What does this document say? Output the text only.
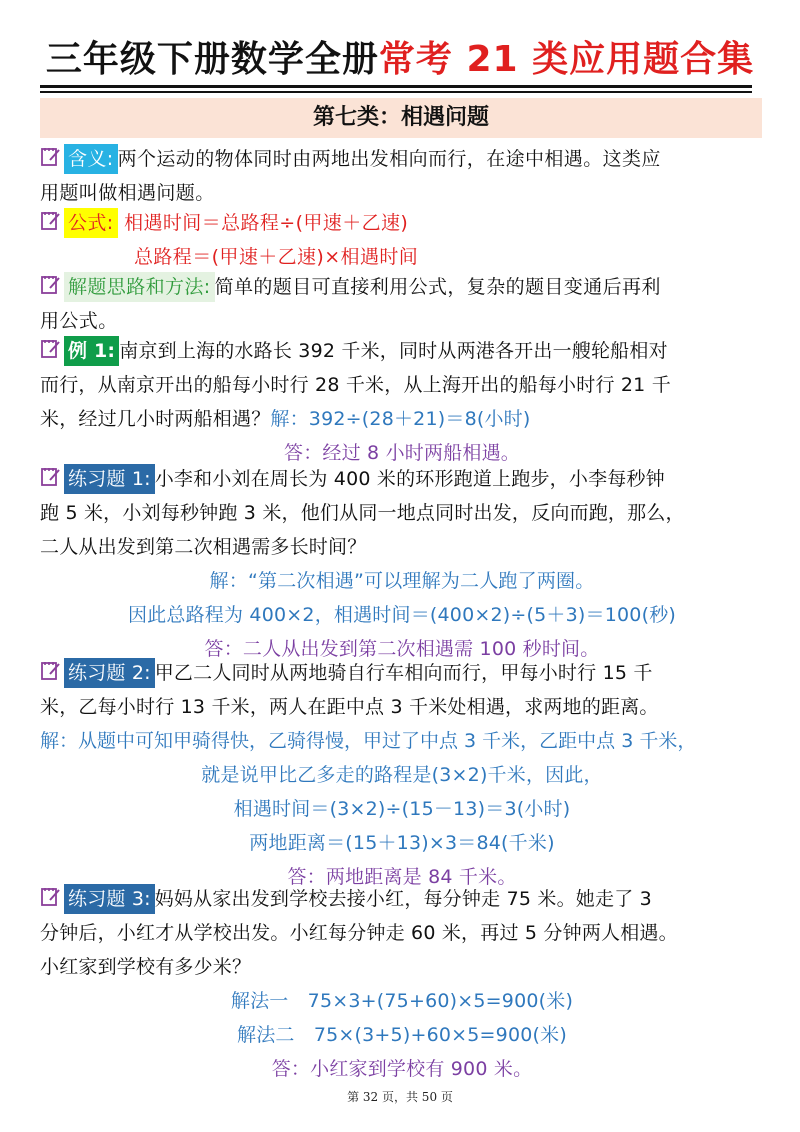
三年级下册数学全册常考 21 类应用题合集
第七类：相遇问题
含义: 两个运动的物体同时由两地出发相向而行，在途中相遇。这类应
用题叫做相遇问题。
公式: 相遇时间＝总路程÷(甲速＋乙速)
总路程＝(甲速＋乙速)×相遇时间
解题思路和方法: 简单的题目可直接利用公式，复杂的题目变通后再利
用公式。
例 1: 南京到上海的水路长 392 千米，同时从两港各开出一艘轮船相对
而行，从南京开出的船每小时行 28 千米，从上海开出的船每小时行 21 千
米，经过几小时两船相遇？解：392÷(28＋21)＝8(小时)

答：经过 8 小时两船相遇。
练习题 1: 小李和小刘在周长为 400 米的环形跑道上跑步，小李每秒钟
跑 5 米，小刘每秒钟跑 3 米，他们从同一地点同时出发，反向而跑，那么，
二人从出发到第二次相遇需多长时间？
解：“第二次相遇”可以理解为二人跑了两圈。
因此总路程为 400×2，相遇时间＝(400×2)÷(5＋3)＝100(秒)
答：二人从出发到第二次相遇需 100 秒时间。
练习题 2: 甲乙二人同时从两地骑自行车相向而行，甲每小时行 15 千
米，乙每小时行 13 千米，两人在距中点 3 千米处相遇，求两地的距离。
解：从题中可知甲骑得快，乙骑得慢，甲过了中点 3 千米，乙距中点 3 千米，
就是说甲比乙多走的路程是(3×2)千米，因此，
相遇时间＝(3×2)÷(15－13)＝3(小时)
两地距离＝(15＋13)×3＝84(千米)
答：两地距离是 84 千米。
练习题 3: 妈妈从家出发到学校去接小红，每分钟走 75 米。她走了 3
分钟后，小红才从学校出发。小红每分钟走 60 米，再过 5 分钟两人相遇。
小红家到学校有多少米？
解法一　75×3+(75+60)×5=900(米)
解法二　75×(3+5)+60×5=900(米)
答：小红家到学校有 900 米。
第 32 页，共 50 页
